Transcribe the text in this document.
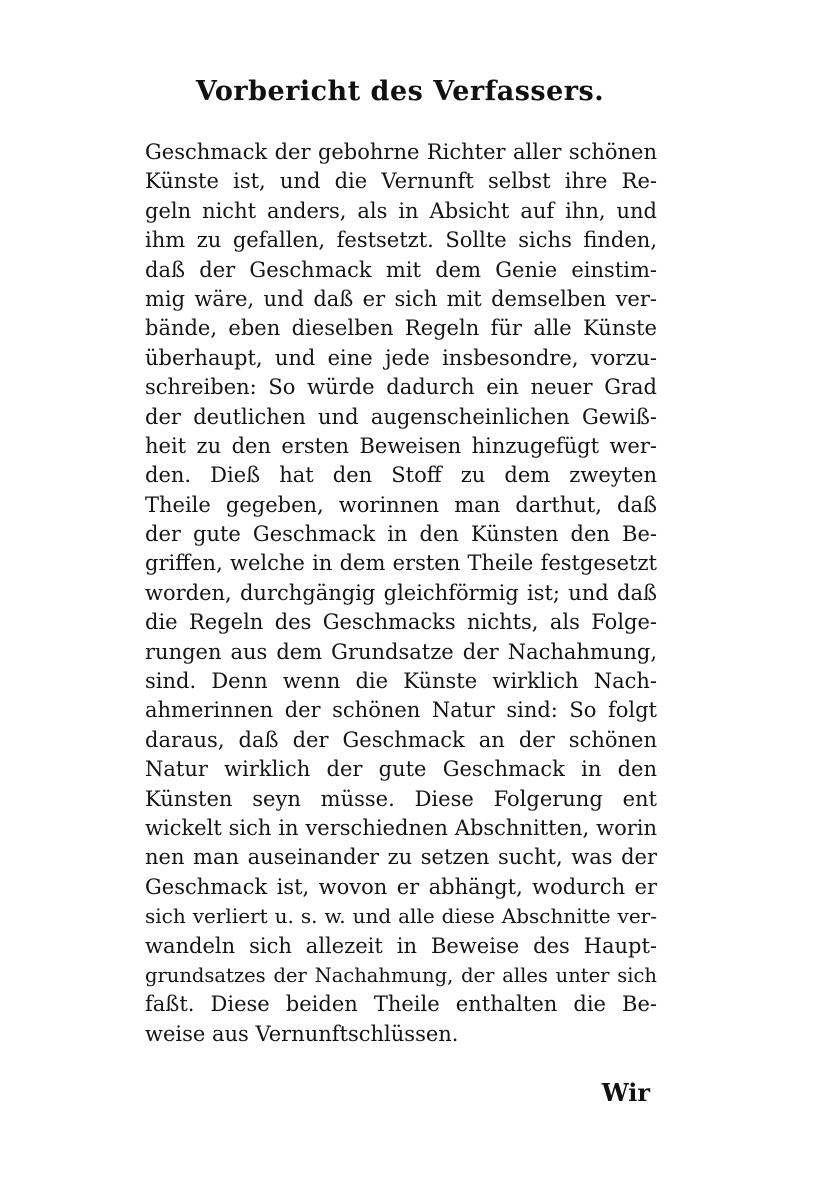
Vorbericht des Verfassers.
Geschmack der gebohrne Richter aller schönen
Künste ist, und die Vernunft selbst ihre Re-
geln nicht anders, als in Absicht auf ihn, und
ihm zu gefallen, festsetzt. Sollte sichs finden,
daß der Geschmack mit dem Genie einstim-
mig wäre, und daß er sich mit demselben ver-
bände, eben dieselben Regeln für alle Künste
überhaupt, und eine jede insbesondre, vorzu-
schreiben: So würde dadurch ein neuer Grad
der deutlichen und augenscheinlichen Gewiß-
heit zu den ersten Beweisen hinzugefügt wer-
den. Dieß hat den Stoff zu dem zweyten
Theile gegeben, worinnen man darthut, daß
der gute Geschmack in den Künsten den Be-
griffen, welche in dem ersten Theile festgesetzt
worden, durchgängig gleichförmig ist; und daß
die Regeln des Geschmacks nichts, als Folge-
rungen aus dem Grundsatze der Nachahmung,
sind. Denn wenn die Künste wirklich Nach-
ahmerinnen der schönen Natur sind: So folgt
daraus, daß der Geschmack an der schönen
Natur wirklich der gute Geschmack in den
Künsten seyn müsse. Diese Folgerung ent
wickelt sich in verschiednen Abschnitten, worin
nen man auseinander zu setzen sucht, was der
Geschmack ist, wovon er abhängt, wodurch er
sich verliert u. s. w. und alle diese Abschnitte ver-
wandeln sich allezeit in Beweise des Haupt-
grundsatzes der Nachahmung, der alles unter sich
faßt. Diese beiden Theile enthalten die Be-
weise aus Vernunftschlüssen.
Wir
